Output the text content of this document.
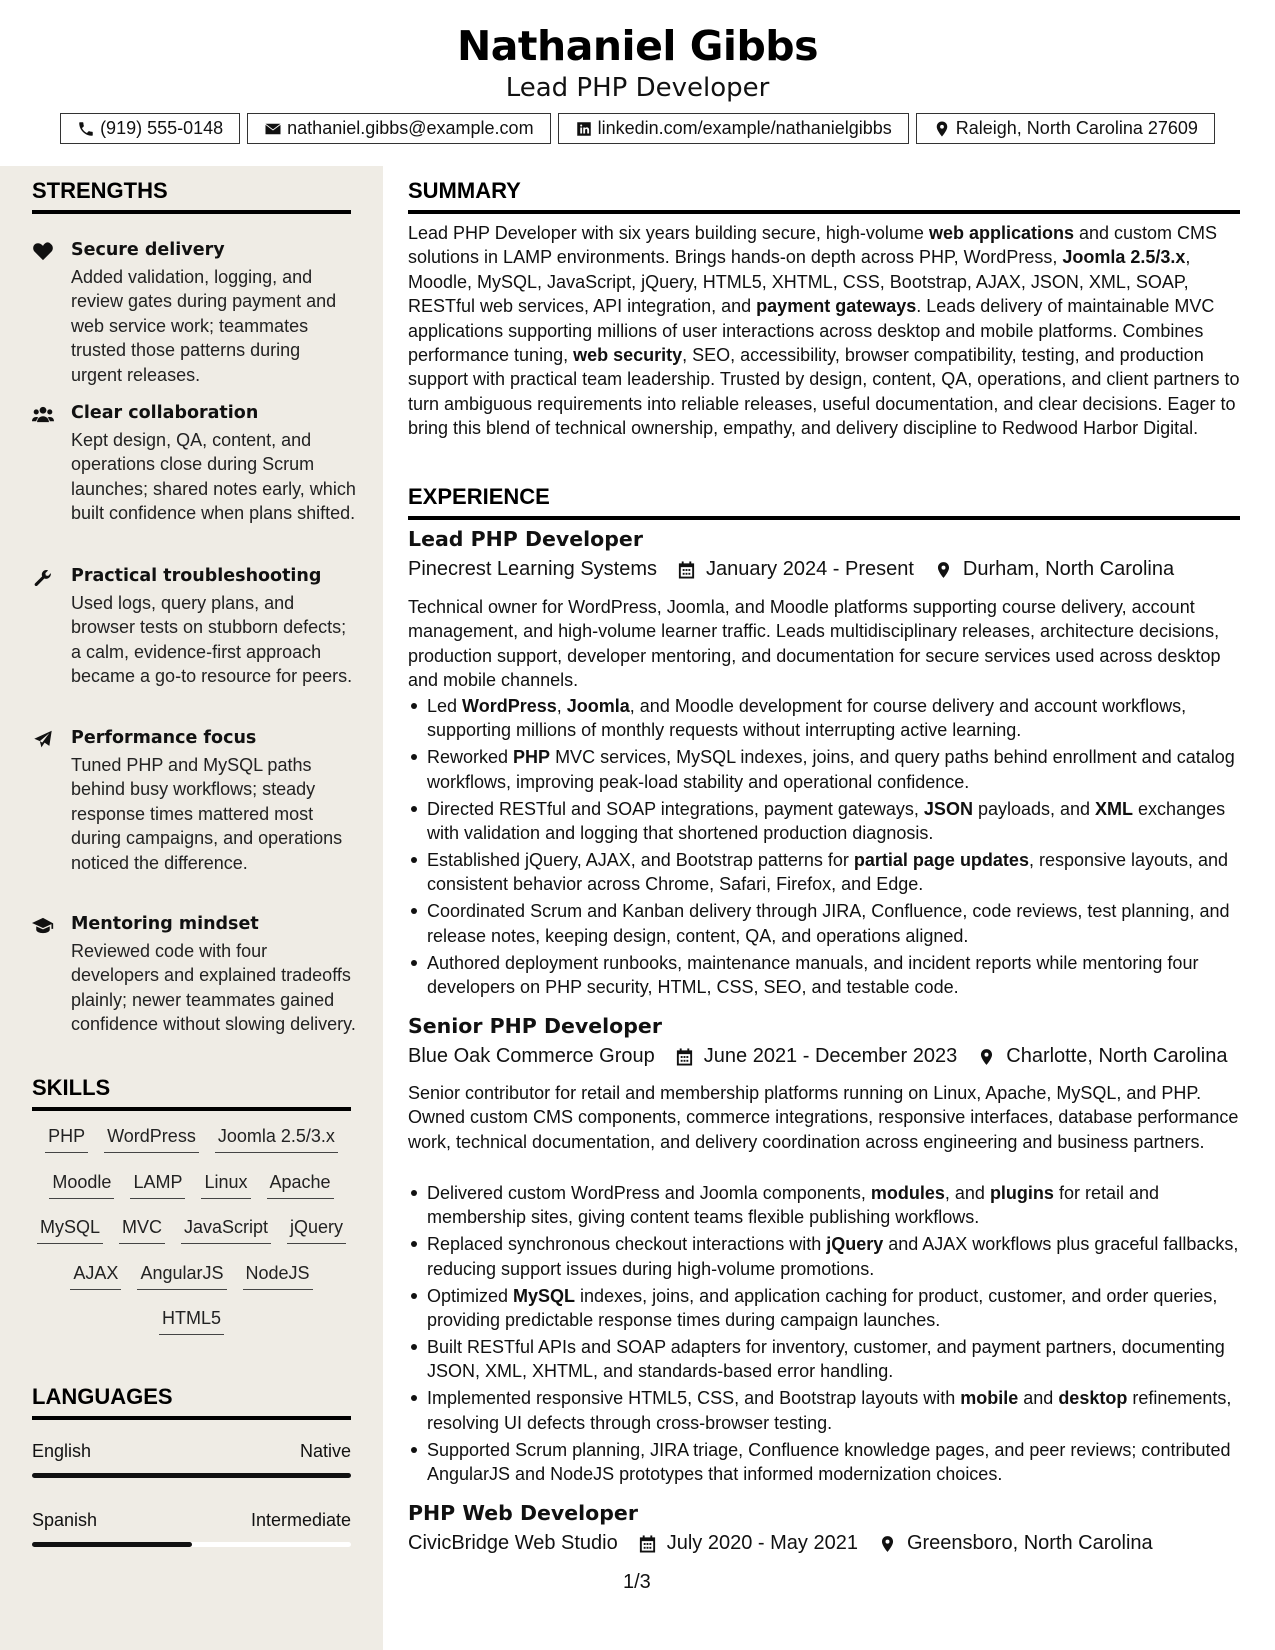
Nathaniel Gibbs
Lead PHP Developer
(919) 555-0148	nathaniel.gibbs@example.com	linkedin.com/example/nathanielgibbs	Raleigh, North Carolina 27609
STRENGTHS
Secure delivery
Added validation, logging, and review gates during payment and web service work; teammates trusted those patterns during urgent releases.
Clear collaboration
Kept design, QA, content, and operations close during Scrum launches; shared notes early, which built confidence when plans shifted.
Practical troubleshooting
Used logs, query plans, and browser tests on stubborn defects; a calm, evidence-first approach became a go-to resource for peers.
Performance focus
Tuned PHP and MySQL paths behind busy workflows; steady response times mattered most during campaigns, and operations noticed the difference.
Mentoring mindset
Reviewed code with four developers and explained tradeoffs plainly; newer teammates gained confidence without slowing delivery.
SKILLS
PHP WordPress Joomla 2.5/3.x
Moodle LAMP Linux Apache
MySQL MVC JavaScript jQuery
AJAX AngularJS NodeJS
HTML5
LANGUAGES
English	Native
Spanish	Intermediate
SUMMARY
Lead PHP Developer with six years building secure, high-volume web applications and custom CMS solutions in LAMP environments. Brings hands-on depth across PHP, WordPress, Joomla 2.5/3.x, Moodle, MySQL, JavaScript, jQuery, HTML5, XHTML, CSS, Bootstrap, AJAX, JSON, XML, SOAP, RESTful web services, API integration, and payment gateways. Leads delivery of maintainable MVC applications supporting millions of user interactions across desktop and mobile platforms. Combines performance tuning, web security, SEO, accessibility, browser compatibility, testing, and production support with practical team leadership. Trusted by design, content, QA, operations, and client partners to turn ambiguous requirements into reliable releases, useful documentation, and clear decisions. Eager to bring this blend of technical ownership, empathy, and delivery discipline to Redwood Harbor Digital.
EXPERIENCE
Lead PHP Developer
Pinecrest Learning Systems January 2024 - Present Durham, North Carolina
Technical owner for WordPress, Joomla, and Moodle platforms supporting course delivery, account management, and high-volume learner traffic. Leads multidisciplinary releases, architecture decisions, production support, developer mentoring, and documentation for secure services used across desktop and mobile channels.
Led WordPress, Joomla, and Moodle development for course delivery and account workflows, supporting millions of monthly requests without interrupting active learning.
Reworked PHP MVC services, MySQL indexes, joins, and query paths behind enrollment and catalog workflows, improving peak-load stability and operational confidence.
Directed RESTful and SOAP integrations, payment gateways, JSON payloads, and XML exchanges with validation and logging that shortened production diagnosis.
Established jQuery, AJAX, and Bootstrap patterns for partial page updates, responsive layouts, and consistent behavior across Chrome, Safari, Firefox, and Edge.
Coordinated Scrum and Kanban delivery through JIRA, Confluence, code reviews, test planning, and release notes, keeping design, content, QA, and operations aligned.
Authored deployment runbooks, maintenance manuals, and incident reports while mentoring four developers on PHP security, HTML, CSS, SEO, and testable code.
Senior PHP Developer
Blue Oak Commerce Group June 2021 - December 2023 Charlotte, North Carolina
Senior contributor for retail and membership platforms running on Linux, Apache, MySQL, and PHP. Owned custom CMS components, commerce integrations, responsive interfaces, database performance work, technical documentation, and delivery coordination across engineering and business partners.
Delivered custom WordPress and Joomla components, modules, and plugins for retail and membership sites, giving content teams flexible publishing workflows.
Replaced synchronous checkout interactions with jQuery and AJAX workflows plus graceful fallbacks, reducing support issues during high-volume promotions.
Optimized MySQL indexes, joins, and application caching for product, customer, and order queries, providing predictable response times during campaign launches.
Built RESTful APIs and SOAP adapters for inventory, customer, and payment partners, documenting JSON, XML, XHTML, and standards-based error handling.
Implemented responsive HTML5, CSS, and Bootstrap layouts with mobile and desktop refinements, resolving UI defects through cross-browser testing.
Supported Scrum planning, JIRA triage, Confluence knowledge pages, and peer reviews; contributed AngularJS and NodeJS prototypes that informed modernization choices.
PHP Web Developer
CivicBridge Web Studio July 2020 - May 2021 Greensboro, North Carolina
1/3
